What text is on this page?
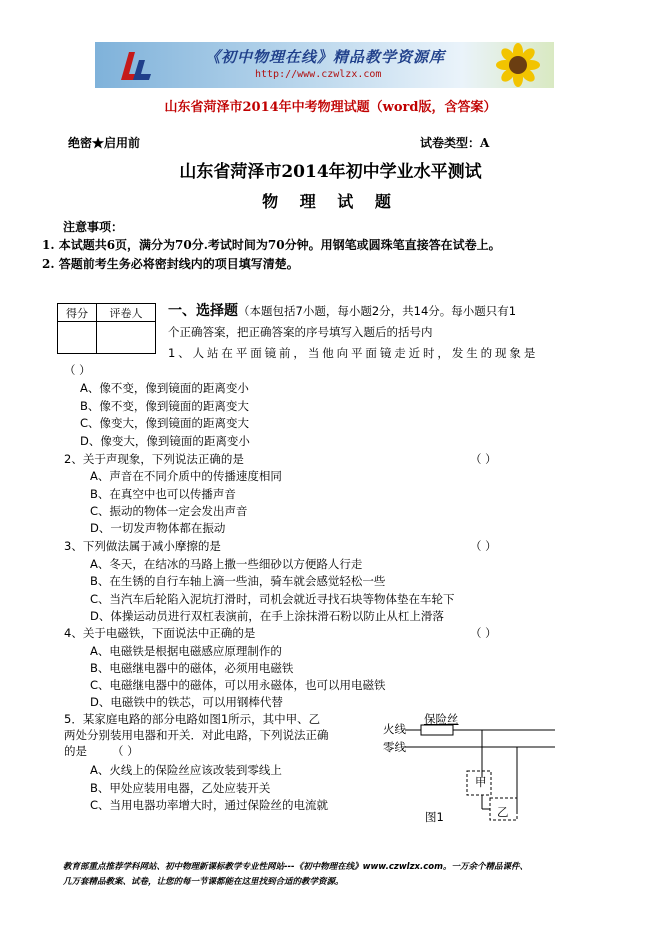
《初中物理在线》精品教学资源库
http://www.czwlzx.com
山东省菏泽市2014年中考物理试题（word版，含答案）
绝密★启用前	试卷类型：A
山东省菏泽市2014年初中学业水平测试
物 理 试 题
注意事项：
1. 本试题共6页，满分为70分.考试时间为70分钟。用钢笔或圆珠笔直接答在试卷上。
2. 答题前考生务必将密封线内的项目填写清楚。
得分	评卷人
	一、选择题（本题包括7小题，每小题2分，共14分。每小题只有1
个正确答案，把正确答案的序号填写入题后的括号内
1、人站在平面镜前，当他向平面镜走近时，发生的现象是
（ ）
A、像不变，像到镜面的距离变小
B、像不变，像到镜面的距离变大
C、像变大，像到镜面的距离变大
D、像变大，像到镜面的距离变小
2、关于声现象，下列说法正确的是	（ ）
A、声音在不同介质中的传播速度相同
B、在真空中也可以传播声音
C、振动的物体一定会发出声音
D、一切发声物体都在振动
3、下列做法属于减小摩擦的是	（ ）
A、冬天，在结冰的马路上撒一些细砂以方便路人行走
B、在生锈的自行车轴上滴一些油，骑车就会感觉轻松一些
C、当汽车后轮陷入泥坑打滑时，司机会就近寻找石块等物体垫在车轮下
D、体操运动员进行双杠表演前，在手上涂抹滑石粉以防止从杠上滑落
4、关于电磁铁，下面说法中正确的是	（ ）
A、电磁铁是根据电磁感应原理制作的
B、电磁继电器中的磁体，必须用电磁铁
C、电磁继电器中的磁体，可以用永磁体，也可以用电磁铁
D、电磁铁中的铁芯，可以用钢棒代替
5．某家庭电路的部分电路如图1所示，其中甲、乙
两处分别装用电器和开关．对此电路，下列说法正确
的是 （ ）
A、火线上的保险丝应该改装到零线上
B、甲处应装用电器，乙处应装开关
C、当用电器功率增大时，通过保险丝的电流就
火线
零线
保险丝
甲
乙
图1
教育部重点推荐学科网站、初中物理新课标教学专业性网站---《初中物理在线》www.czwlzx.com。一万余个精品课件、
几万套精品教案、试卷，让您的每一节课都能在这里找到合适的教学资源。
